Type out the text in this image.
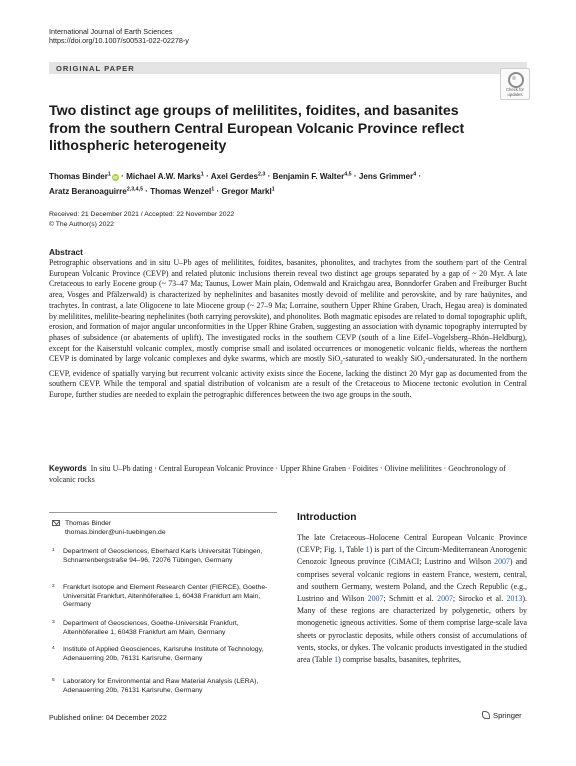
International Journal of Earth Sciences
https://doi.org/10.1007/s00531-022-02278-y
ORIGINAL PAPER
Check for
updates
Two distinct age groups of melilitites, foidites, and basanites from the southern Central European Volcanic Province reflect lithospheric heterogeneity
Thomas Binder$^1$iD · Michael A.W. Marks$^1$ · Axel Gerdes$^{2,3}$ · Benjamin F. Walter$^{4,5}$ · Jens Grimmer$^4$ ·
Aratz Beranoaguirre$^{2,3,4,5}$ · Thomas Wenzel$^1$ · Gregor Markl$^1$
Received: 21 December 2021 / Accepted: 22 November 2022
© The Author(s) 2022
Abstract
Petrographic observations and in situ U–Pb ages of melilitites, foidites, basanites, phonolites, and trachytes from the southern part of the Central European Volcanic Province (CEVP) and related plutonic inclusions therein reveal two distinct age groups separated by a gap of ~ 20 Myr. A late Cretaceous to early Eocene group (~ 73–47 Ma; Taunus, Lower Main plain, Odenwald and Kraichgau area, Bonndorfer Graben and Freiburger Bucht area, Vosges and Pfälzerwald) is characterized by nephelinites and basanites mostly devoid of melilite and perovskite, and by rare haüynites, and trachytes. In contrast, a late Oligocene to late Miocene group (~ 27–9 Ma; Lorraine, southern Upper Rhine Graben, Urach, Hegau area) is dominated by melilitites, melilite-bearing nephelinites (both carrying perovskite), and phonolites. Both magmatic episodes are related to domal topographic uplift, erosion, and formation of major angular unconformities in the Upper Rhine Graben, suggesting an association with dynamic topography interrupted by phases of subsidence (or abatements of uplift). The investigated rocks in the southern CEVP (south of a line Eifel–Vogelsberg–Rhön–Heldburg), except for the Kaiserstuhl volcanic complex, mostly comprise small and isolated occurrences or monogenetic volcanic fields, whereas the northern CEVP is dominated by large volcanic complexes and dyke swarms, which are mostly SiO$_2$-saturated to weakly SiO$_2$-undersaturated. In the northern CEVP, evidence of spatially varying but recurrent volcanic activity exists since the Eocene, lacking the distinct 20 Myr gap as documented from the southern CEVP. While the temporal and spatial distribution of volcanism are a result of the Cretaceous to Miocene tectonic evolution in Central Europe, further studies are needed to explain the petrographic differences between the two age groups in the south.
Keywords In situ U–Pb dating · Central European Volcanic Province · Upper Rhine Graben · Foidites · Olivine melilitites · Geochronology of volcanic rocks
Thomas Binder
thomas.binder@uni-tuebingen.de
1 Department of Geosciences, Eberhard Karls Universität Tübingen, Schnarrenbergstraße 94–96, 72076 Tübingen, Germany
2 Frankfurt Isotope and Element Research Center (FIERCE), Goethe-Universität Frankfurt, Altenhöferallee 1, 60438 Frankfurt am Main, Germany
3 Department of Geosciences, Goethe-Universität Frankfurt, Altenhöferallee 1, 60438 Frankfurt am Main, Germany
4 Institute of Applied Geosciences, Karlsruhe Institute of Technology, Adenauerring 20b, 76131 Karlsruhe, Germany
5 Laboratory for Environmental and Raw Material Analysis (LERA), Adenauerring 20b, 76131 Karlsruhe, Germany
Introduction
The late Cretaceous–Holocene Central European Volcanic Province (CEVP; Fig. 1, Table 1) is part of the Circum-Mediterranean Anorogenic Cenozoic Igneous province (CiMACI; Lustrino and Wilson 2007) and comprises several volcanic regions in eastern France, western, central, and southern Germany, western Poland, and the Czech Republic (e.g., Lustrino and Wilson 2007; Schmitt et al. 2007; Sirocko et al. 2013). Many of these regions are characterized by polygenetic, others by monogenetic igneous activities. Some of them comprise large-scale lava sheets or pyroclastic deposits, while others consist of accumulations of vents, stocks, or dykes. The volcanic products investigated in the studied area (Table 1) comprise basalts, basanites, tephrites,
Published online: 04 December 2022	Springer
